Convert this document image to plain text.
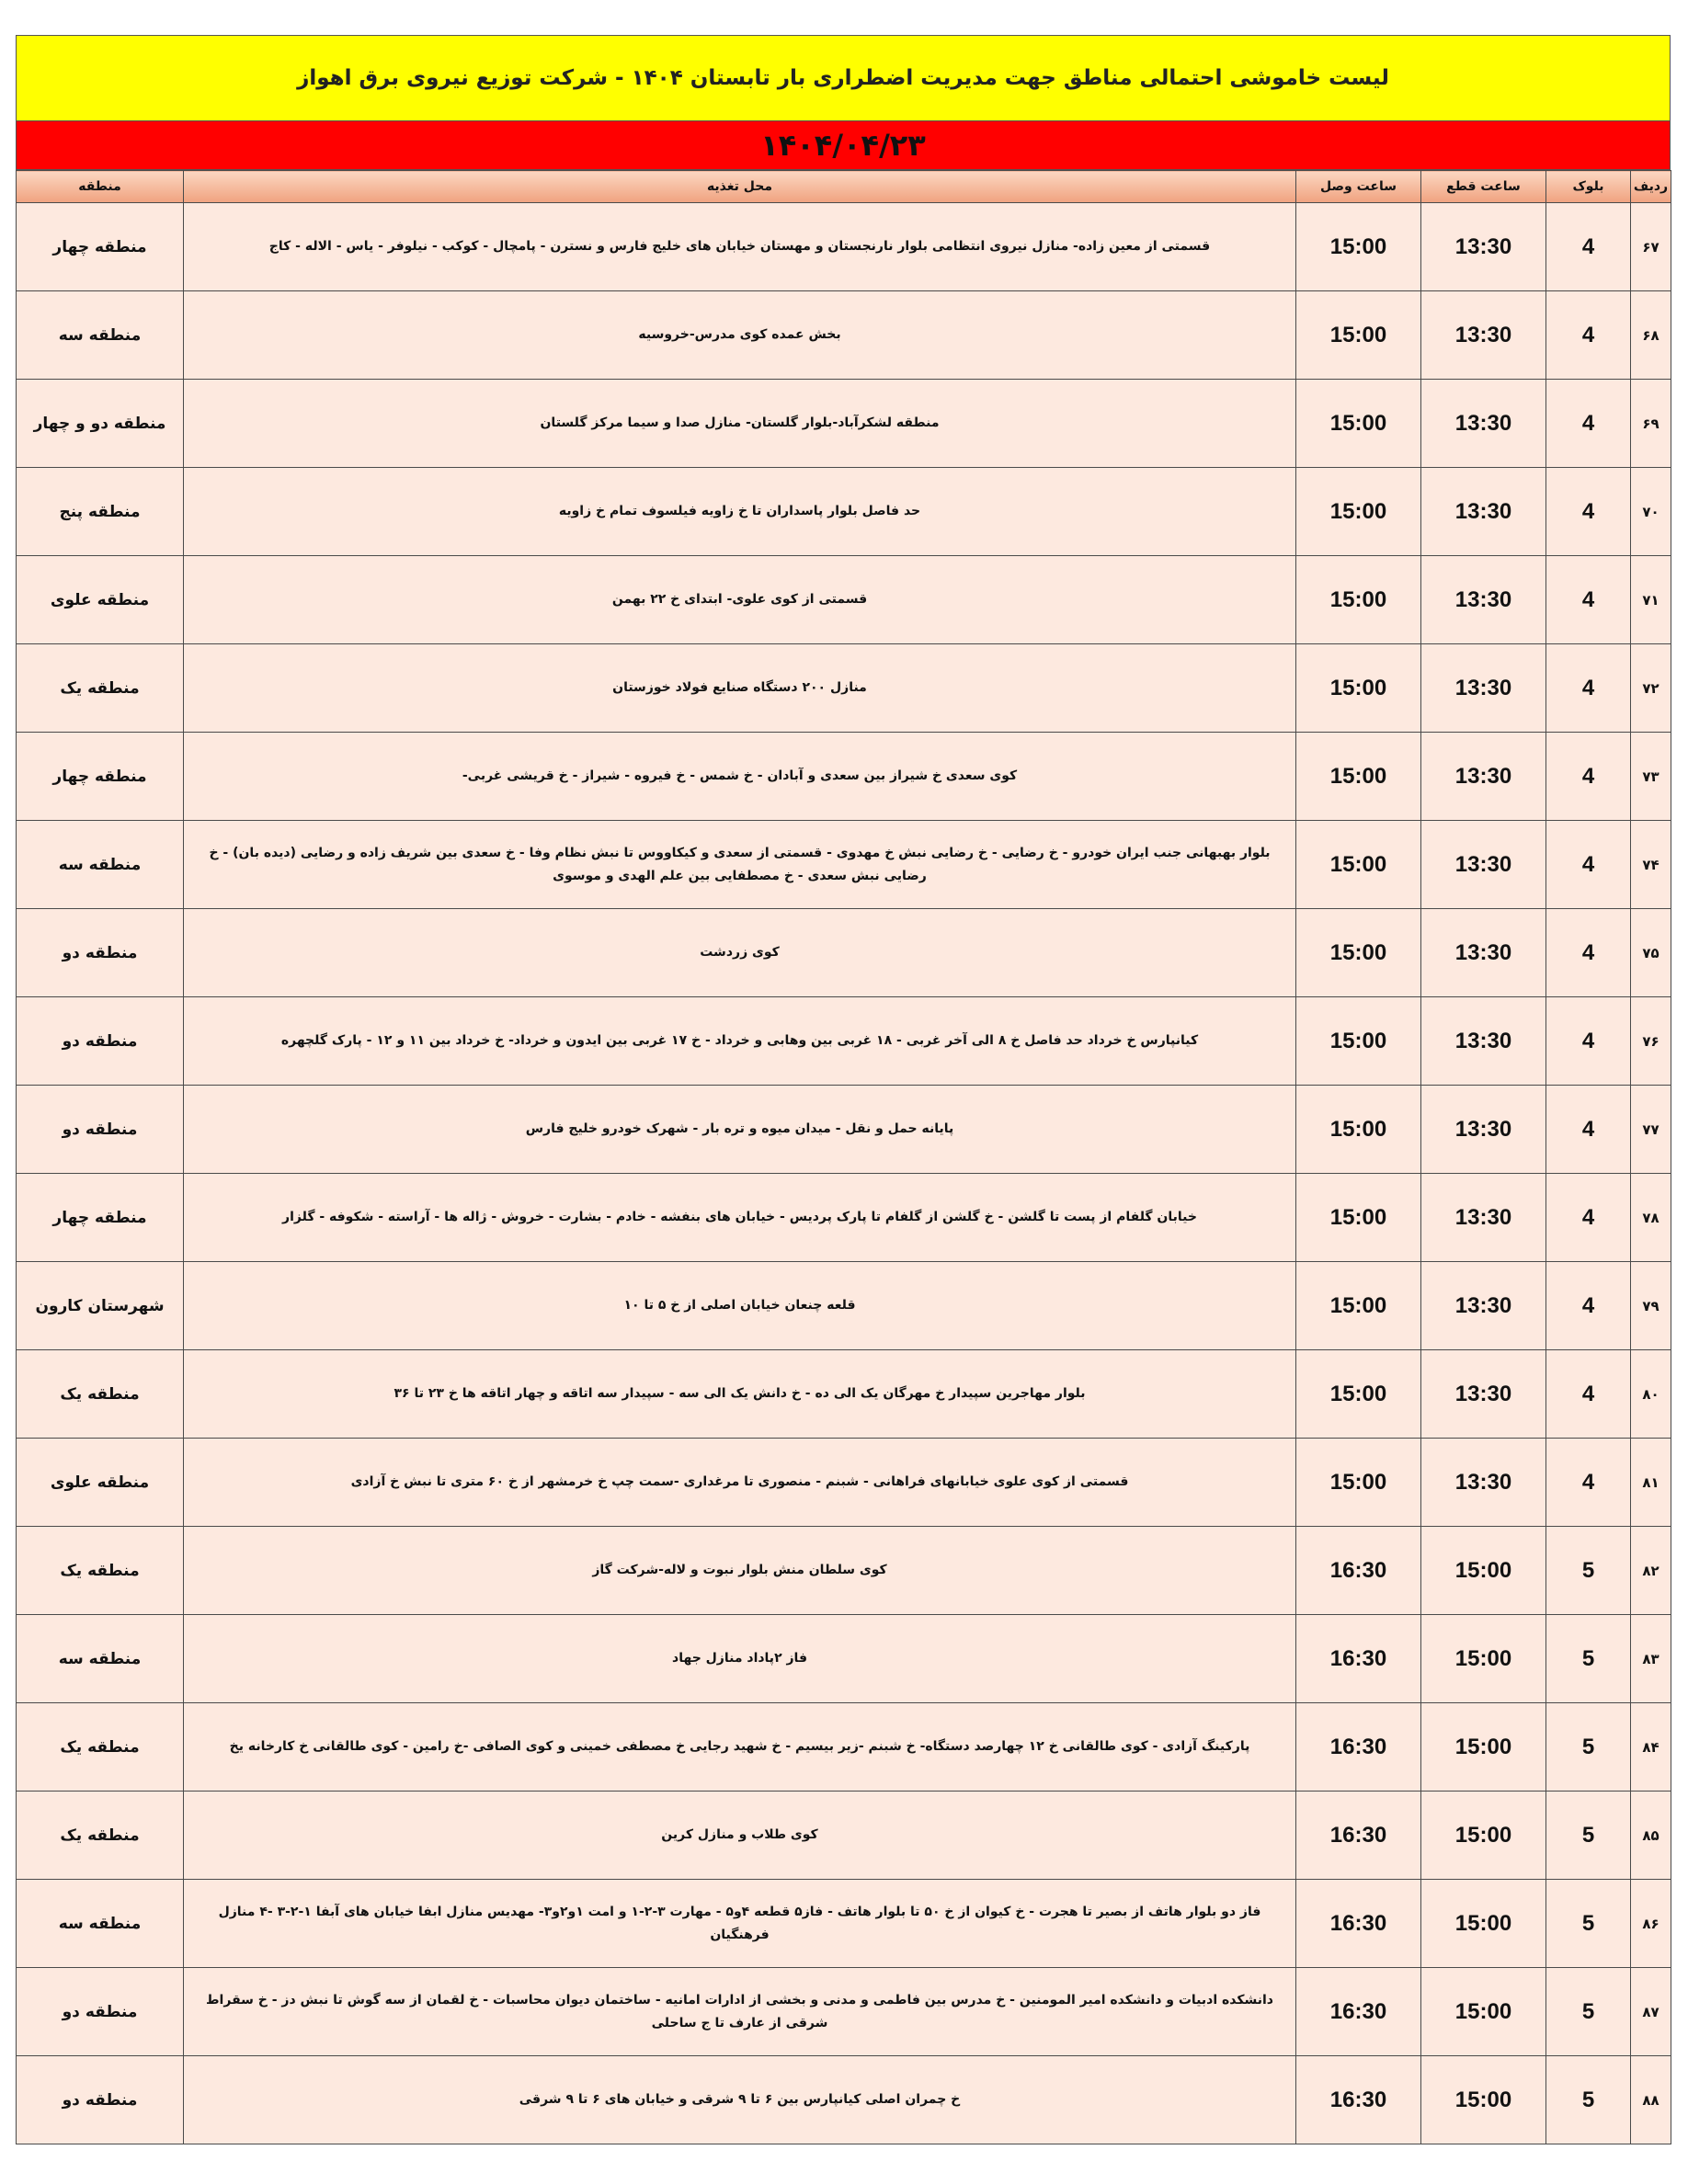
لیست خاموشی احتمالی مناطق جهت مدیریت اضطراری بار تابستان ۱۴۰۴ - شرکت توزیع نیروی برق اهواز
۱۴۰۴/۰۴/۲۳
ردیف	بلوک	ساعت قطع	ساعت وصل	محل تغذیه	منطقه
۶۷	4	13:30	15:00	قسمتی از معین زاده- منازل نیروی انتظامی بلوار نارنجستان و مهستان خیابان های خلیج فارس و نسترن - پامچال - کوکب - نیلوفر - یاس - الاله - کاج	منطقه چهار
۶۸	4	13:30	15:00	بخش عمده کوی مدرس-خروسیه	منطقه سه
۶۹	4	13:30	15:00	منطقه لشکرآباد-بلوار گلستان- منازل صدا و سیما مرکز گلستان	منطقه دو و چهار
۷۰	4	13:30	15:00	حد فاصل بلوار پاسداران تا خ زاویه فیلسوف تمام خ زاویه	منطقه پنج
۷۱	4	13:30	15:00	قسمتی از کوی علوی- ابتدای خ ۲۲ بهمن	منطقه علوی
۷۲	4	13:30	15:00	منازل ۲۰۰ دستگاه صنایع فولاد خوزستان	منطقه یک
۷۳	4	13:30	15:00	کوی سعدی خ شیراز بین سعدی و آبادان - خ شمس - خ فیروه - شیراز - خ قریشی غربی-	منطقه چهار
۷۴	4	13:30	15:00	بلوار بهبهانی جنب ایران خودرو - خ رضایی - خ رضایی نبش خ مهدوی - قسمتی از سعدی و کیکاووس تا نبش نظام وفا - خ سعدی بین شریف زاده و رضایی (دیده بان) - خ رضایی نبش سعدی - خ مصطفایی بین علم الهدی و موسوی	منطقه سه
۷۵	4	13:30	15:00	کوی زردشت	منطقه دو
۷۶	4	13:30	15:00	کیانپارس خ خرداد حد فاصل خ ۸ الی آخر غربی - ۱۸ غربی بین وهابی و خرداد - خ ۱۷ غربی بین ایدون و خرداد- خ خرداد بین ۱۱ و ۱۲ - پارک گلچهره	منطقه دو
۷۷	4	13:30	15:00	پایانه حمل و نقل - میدان میوه و تره بار - شهرک خودرو خلیج فارس	منطقه دو
۷۸	4	13:30	15:00	خیابان گلفام از پست تا گلشن - خ گلشن از گلفام تا پارک پردیس - خیابان های بنفشه - خادم - بشارت - خروش - ژاله ها - آراسته - شکوفه - گلزار	منطقه چهار
۷۹	4	13:30	15:00	قلعه چنعان خیابان اصلی از خ ۵ تا ۱۰	شهرستان کارون
۸۰	4	13:30	15:00	بلوار مهاجرین سپیدار خ مهرگان یک الی ده - خ دانش یک الی سه - سپیدار سه اتاقه و چهار اتاقه ها خ ۲۳ تا ۳۶	منطقه یک
۸۱	4	13:30	15:00	قسمتی از کوی علوی خیابانهای فراهانی - شبنم - منصوری تا مرغداری -سمت چپ خ خرمشهر از خ ۶۰ متری تا نبش خ آزادی	منطقه علوی
۸۲	5	15:00	16:30	کوی سلطان منش بلوار نبوت و لاله-شرکت گاز	منطقه یک
۸۳	5	15:00	16:30	فاز ۲پاداد منازل جهاد	منطقه سه
۸۴	5	15:00	16:30	پارکینگ آزادی - کوی طالقانی خ ۱۲ چهارصد دستگاه- خ شبنم -زیر بیسیم - خ شهید رجایی خ مصطفی خمینی و کوی الصافی -خ رامین - کوی طالقانی خ کارخانه یخ	منطقه یک
۸۵	5	15:00	16:30	کوی طلاب و منازل کرین	منطقه یک
۸۶	5	15:00	16:30	فاز دو بلوار هاتف از بصیر تا هجرت - خ کیوان از خ ۵۰ تا بلوار هاتف - فاز۵ قطعه ۴و۵ - مهارت ۳-۲-۱ و امت ۱و۲و۳- مهدیس منازل ابفا خیابان های آبفا ۱-۲-۳ -۴ منازل فرهنگیان	منطقه سه
۸۷	5	15:00	16:30	دانشکده ادبیات و دانشکده امیر المومنین - خ مدرس بین فاطمی و مدنی و بخشی از ادارات امانیه - ساختمان دیوان محاسبات - خ لقمان از سه گوش تا نبش دز - خ سقراط شرقی از عارف تا ج ساحلی	منطقه دو
۸۸	5	15:00	16:30	خ چمران اصلی کیانپارس بین ۶ تا ۹ شرقی و خیابان های ۶ تا ۹ شرقی	منطقه دو
